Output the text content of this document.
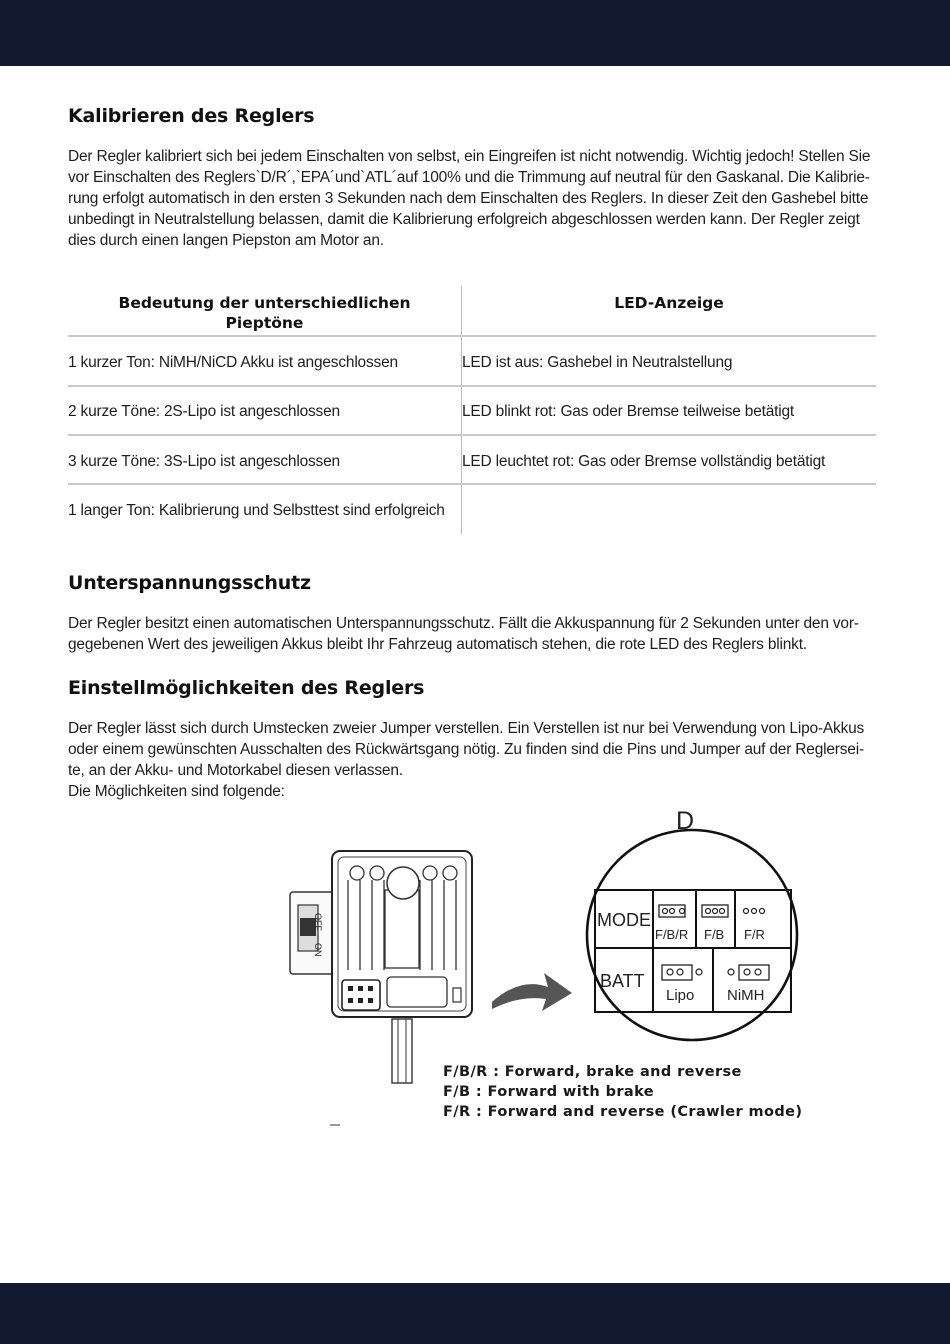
Kalibrieren des Reglers

Der Regler kalibriert sich bei jedem Einschalten von selbst, ein Eingreifen ist nicht notwendig. Wichtig jedoch! Stellen Sie
vor Einschalten des Reglers`D/R´,`EPA´und`ATL´auf 100% und die Trimmung auf neutral für den Gaskanal. Die Kalibrie-
rung erfolgt automatisch in den ersten 3 Sekunden nach dem Einschalten des Reglers. In dieser Zeit den Gashebel bitte
unbedingt in Neutralstellung belassen, damit die Kalibrierung erfolgreich abgeschlossen werden kann. Der Regler zeigt
dies durch einen langen Piepston am Motor an.

Bedeutung der unterschiedlichen
Pieptöne
LED-Anzeige
1 kurzer Ton: NiMH/NiCD Akku ist angeschlossen	LED ist aus: Gashebel in Neutralstellung
2 kurze Töne: 2S-Lipo ist angeschlossen	LED blinkt rot: Gas oder Bremse teilweise betätigt
3 kurze Töne: 3S-Lipo ist angeschlossen	LED leuchtet rot: Gas oder Bremse vollständig betätigt
1 langer Ton: Kalibrierung und Selbsttest sind erfolgreich
Unterspannungsschutz

Der Regler besitzt einen automatischen Unterspannungsschutz. Fällt die Akkuspannung für 2 Sekunden unter den vor-
gegebenen Wert des jeweiligen Akkus bleibt Ihr Fahrzeug automatisch stehen, die rote LED des Reglers blinkt.

Einstellmöglichkeiten des Reglers

Der Regler lässt sich durch Umstecken zweier Jumper verstellen. Ein Verstellen ist nur bei Verwendung von Lipo-Akkus
oder einem gewünschten Ausschalten des Rückwärtsgang nötig. Zu finden sind die Pins und Jumper auf der Reglersei-
te, an der Akku- und Motorkabel diesen verlassen.
Die Möglichkeiten sind folgende:

OFF
ON
D
MODE
BATT
F/B/R F/B F/R
Lipo NiMH
F/B/R : Forward, brake and reverse
F/B : Forward with brake
F/R : Forward and reverse (Crawler mode)
